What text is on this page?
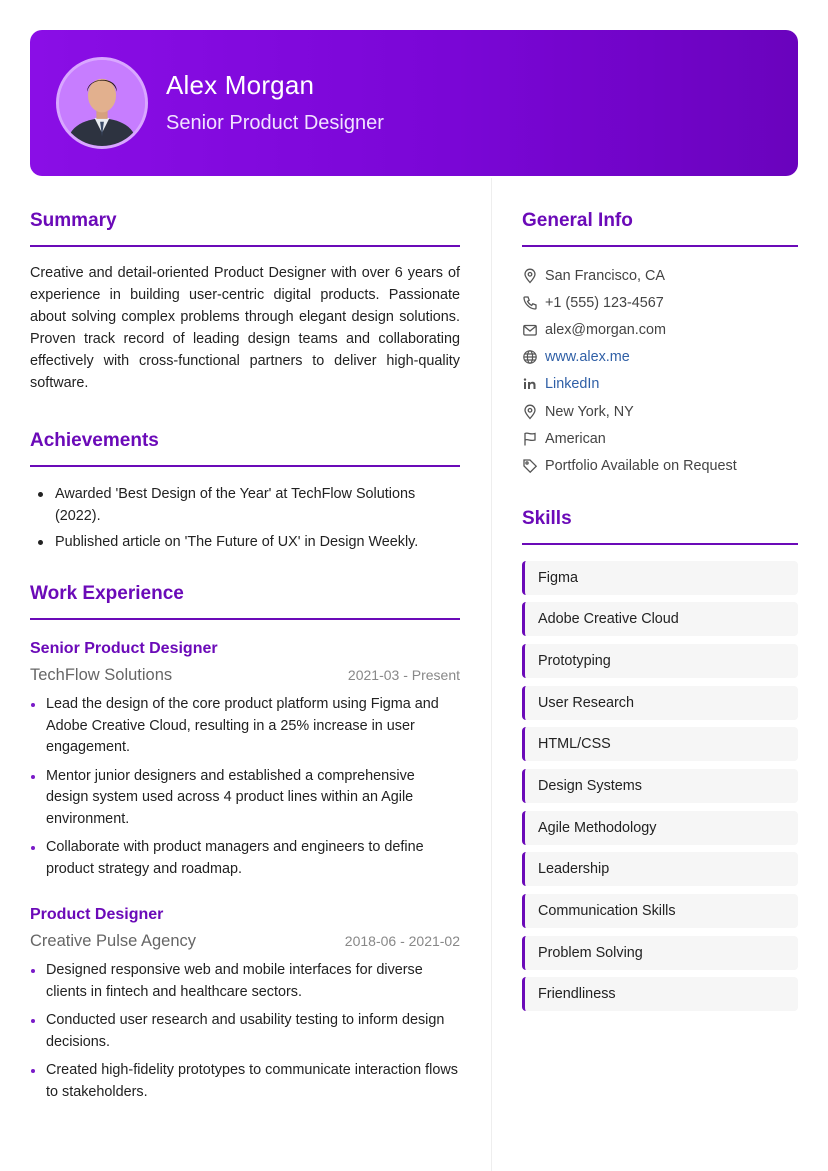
Alex Morgan
Senior Product Designer
Summary

Creative and detail-oriented Product Designer with over 6 years of experience in building user-centric digital products. Passionate about solving complex problems through elegant design solutions. Proven track record of leading design teams and collaborating effectively with cross-functional partners to deliver high-quality software.

Achievements
Awarded 'Best Design of the Year' at TechFlow Solutions (2022).
Published article on 'The Future of UX' in Design Weekly.
Work Experience
Senior Product Designer
TechFlow Solutions	2021-03 - Present
Lead the design of the core product platform using Figma and Adobe Creative Cloud, resulting in a 25% increase in user engagement.
Mentor junior designers and established a comprehensive design system used across 4 product lines within an Agile environment.
Collaborate with product managers and engineers to define product strategy and roadmap.
Product Designer
Creative Pulse Agency	2018-06 - 2021-02
Designed responsive web and mobile interfaces for diverse clients in fintech and healthcare sectors.
Conducted user research and usability testing to inform design decisions.
Created high-fidelity prototypes to communicate interaction flows to stakeholders.
General Info
San Francisco, CA
+1 (555) 123-4567
alex@morgan.com
www.alex.me
LinkedIn
New York, NY
American
Portfolio Available on Request
Skills
Figma
Adobe Creative Cloud
Prototyping
User Research
HTML/CSS
Design Systems
Agile Methodology
Leadership
Communication Skills
Problem Solving
Friendliness
